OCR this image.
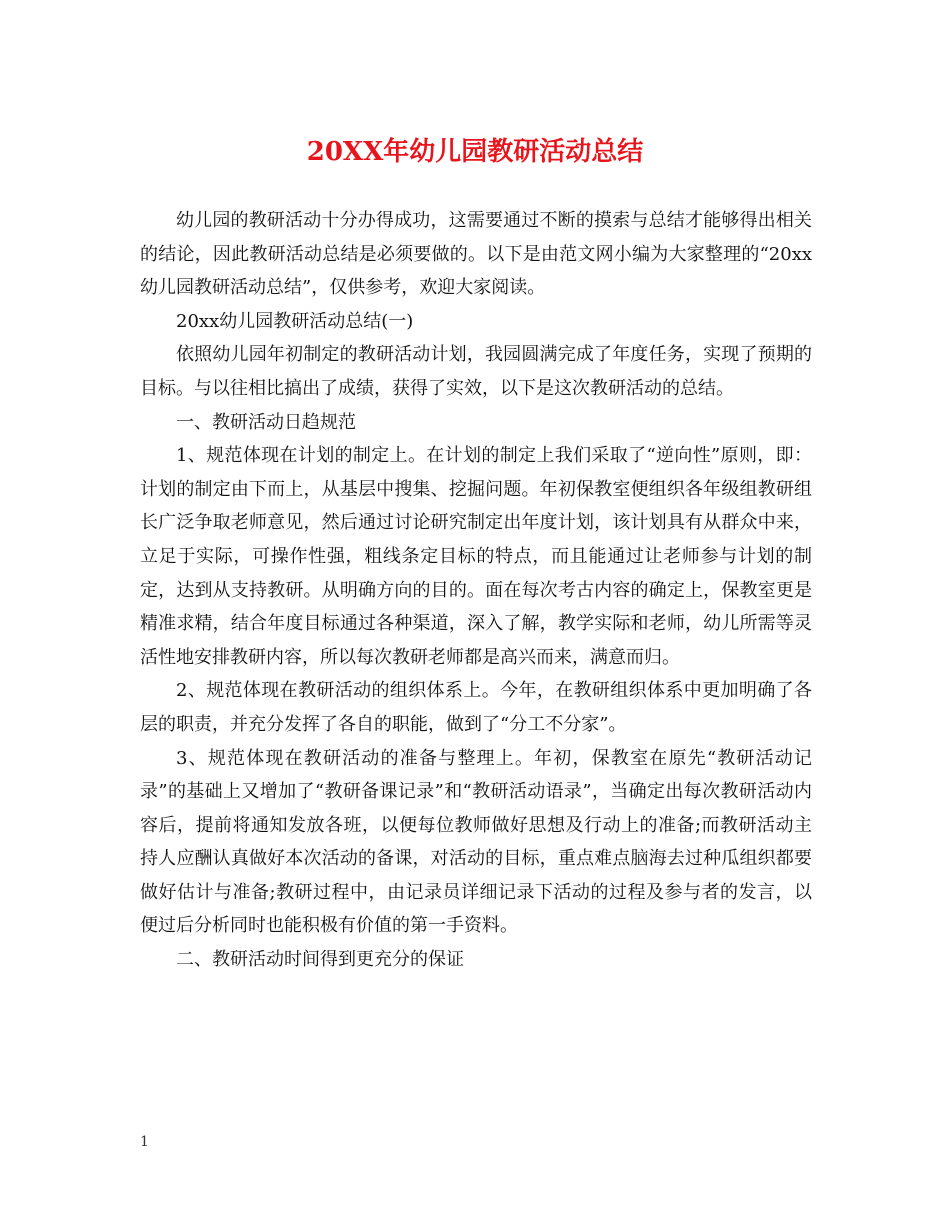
20XX年幼儿园教研活动总结

幼儿园的教研活动十分办得成功，这需要通过不断的摸索与总结才能够得出相关的结论，因此教研活动总结是必须要做的。以下是由范文网小编为大家整理的“20xx幼儿园教研活动总结”，仅供参考，欢迎大家阅读。

20xx幼儿园教研活动总结(一)

依照幼儿园年初制定的教研活动计划，我园圆满完成了年度任务，实现了预期的目标。与以往相比搞出了成绩，获得了实效，以下是这次教研活动的总结。

一、教研活动日趋规范

1、规范体现在计划的制定上。在计划的制定上我们采取了“逆向性”原则，即：计划的制定由下而上，从基层中搜集、挖掘问题。年初保教室便组织各年级组教研组长广泛争取老师意见，然后通过讨论研究制定出年度计划，该计划具有从群众中来，立足于实际，可操作性强，粗线条定目标的特点，而且能通过让老师参与计划的制定，达到从支持教研。从明确方向的目的。面在每次考古内容的确定上，保教室更是精准求精，结合年度目标通过各种渠道，深入了解，教学实际和老师，幼儿所需等灵活性地安排教研内容，所以每次教研老师都是高兴而来，满意而归。

2、规范体现在教研活动的组织体系上。今年，在教研组织体系中更加明确了各层的职责，并充分发挥了各自的职能，做到了“分工不分家”。

3、规范体现在教研活动的准备与整理上。年初，保教室在原先“教研活动记录”的基础上又增加了“教研备课记录”和“教研活动语录”，当确定出每次教研活动内容后，提前将通知发放各班，以便每位教师做好思想及行动上的准备;而教研活动主持人应酬认真做好本次活动的备课，对活动的目标，重点难点脑海去过种瓜组织都要做好估计与准备;教研过程中，由记录员详细记录下活动的过程及参与者的发言，以便过后分析同时也能积极有价值的第一手资料。

二、教研活动时间得到更充分的保证

1
